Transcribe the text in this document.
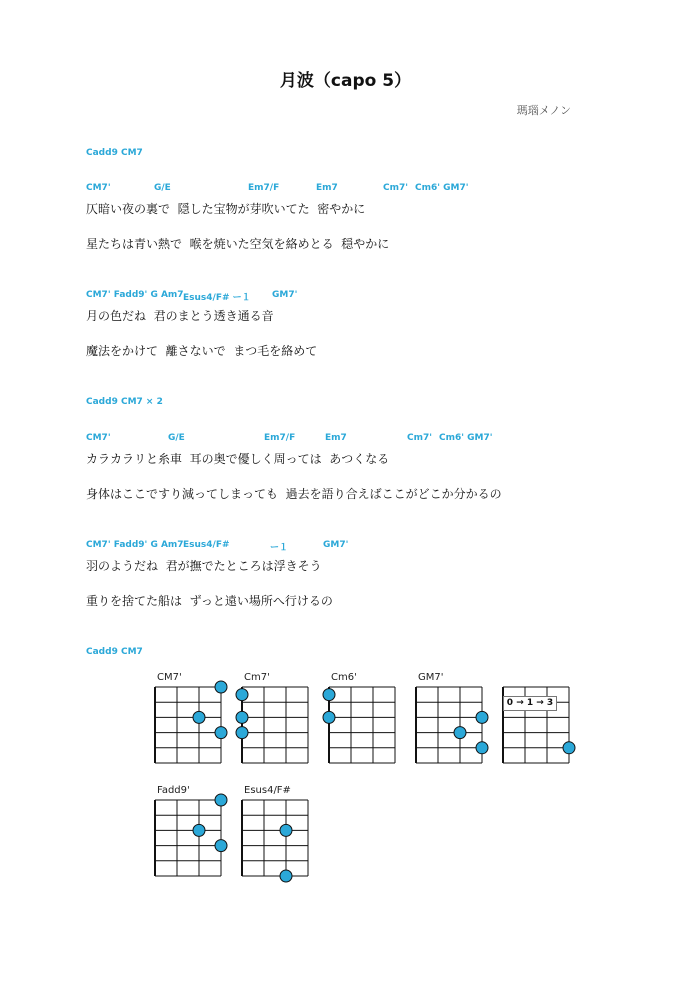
月波（capo 5）
瑪瑙メノン
Cadd9 CM7
CM7'	G/E	Em7/F	Em7	Cm7' Cm6' GM7'
仄暗い夜の裏で  隠した宝物が芽吹いてた  密やかに
星たちは青い熱で  喉を焼いた空気を絡めとる  穏やかに
CM7' Fadd9' G Am7 Esus4/F# ー１ GM7'
月の色だね  君のまとう透き通る音
魔法をかけて  離さないで  まつ毛を絡めて
Cadd9 CM7 × 2
CM7'	G/E	Em7/F	Em7	Cm7' Cm6' GM7'
カラカラリと糸車  耳の奥で優しく周っては  あつくなる
身体はここですり減ってしまっても  過去を語り合えばここがどこか分かるの
CM7' Fadd9' G Am7 Esus4/F#	ー１	GM7'
羽のようだね  君が撫でたところは浮きそう
重りを捨てた船は  ずっと遠い場所へ行けるの
Cadd9 CM7
CM7'	Cm7'	Cm6'	GM7'
Fadd9'	Esus4/F#
0 → 1 → 3
